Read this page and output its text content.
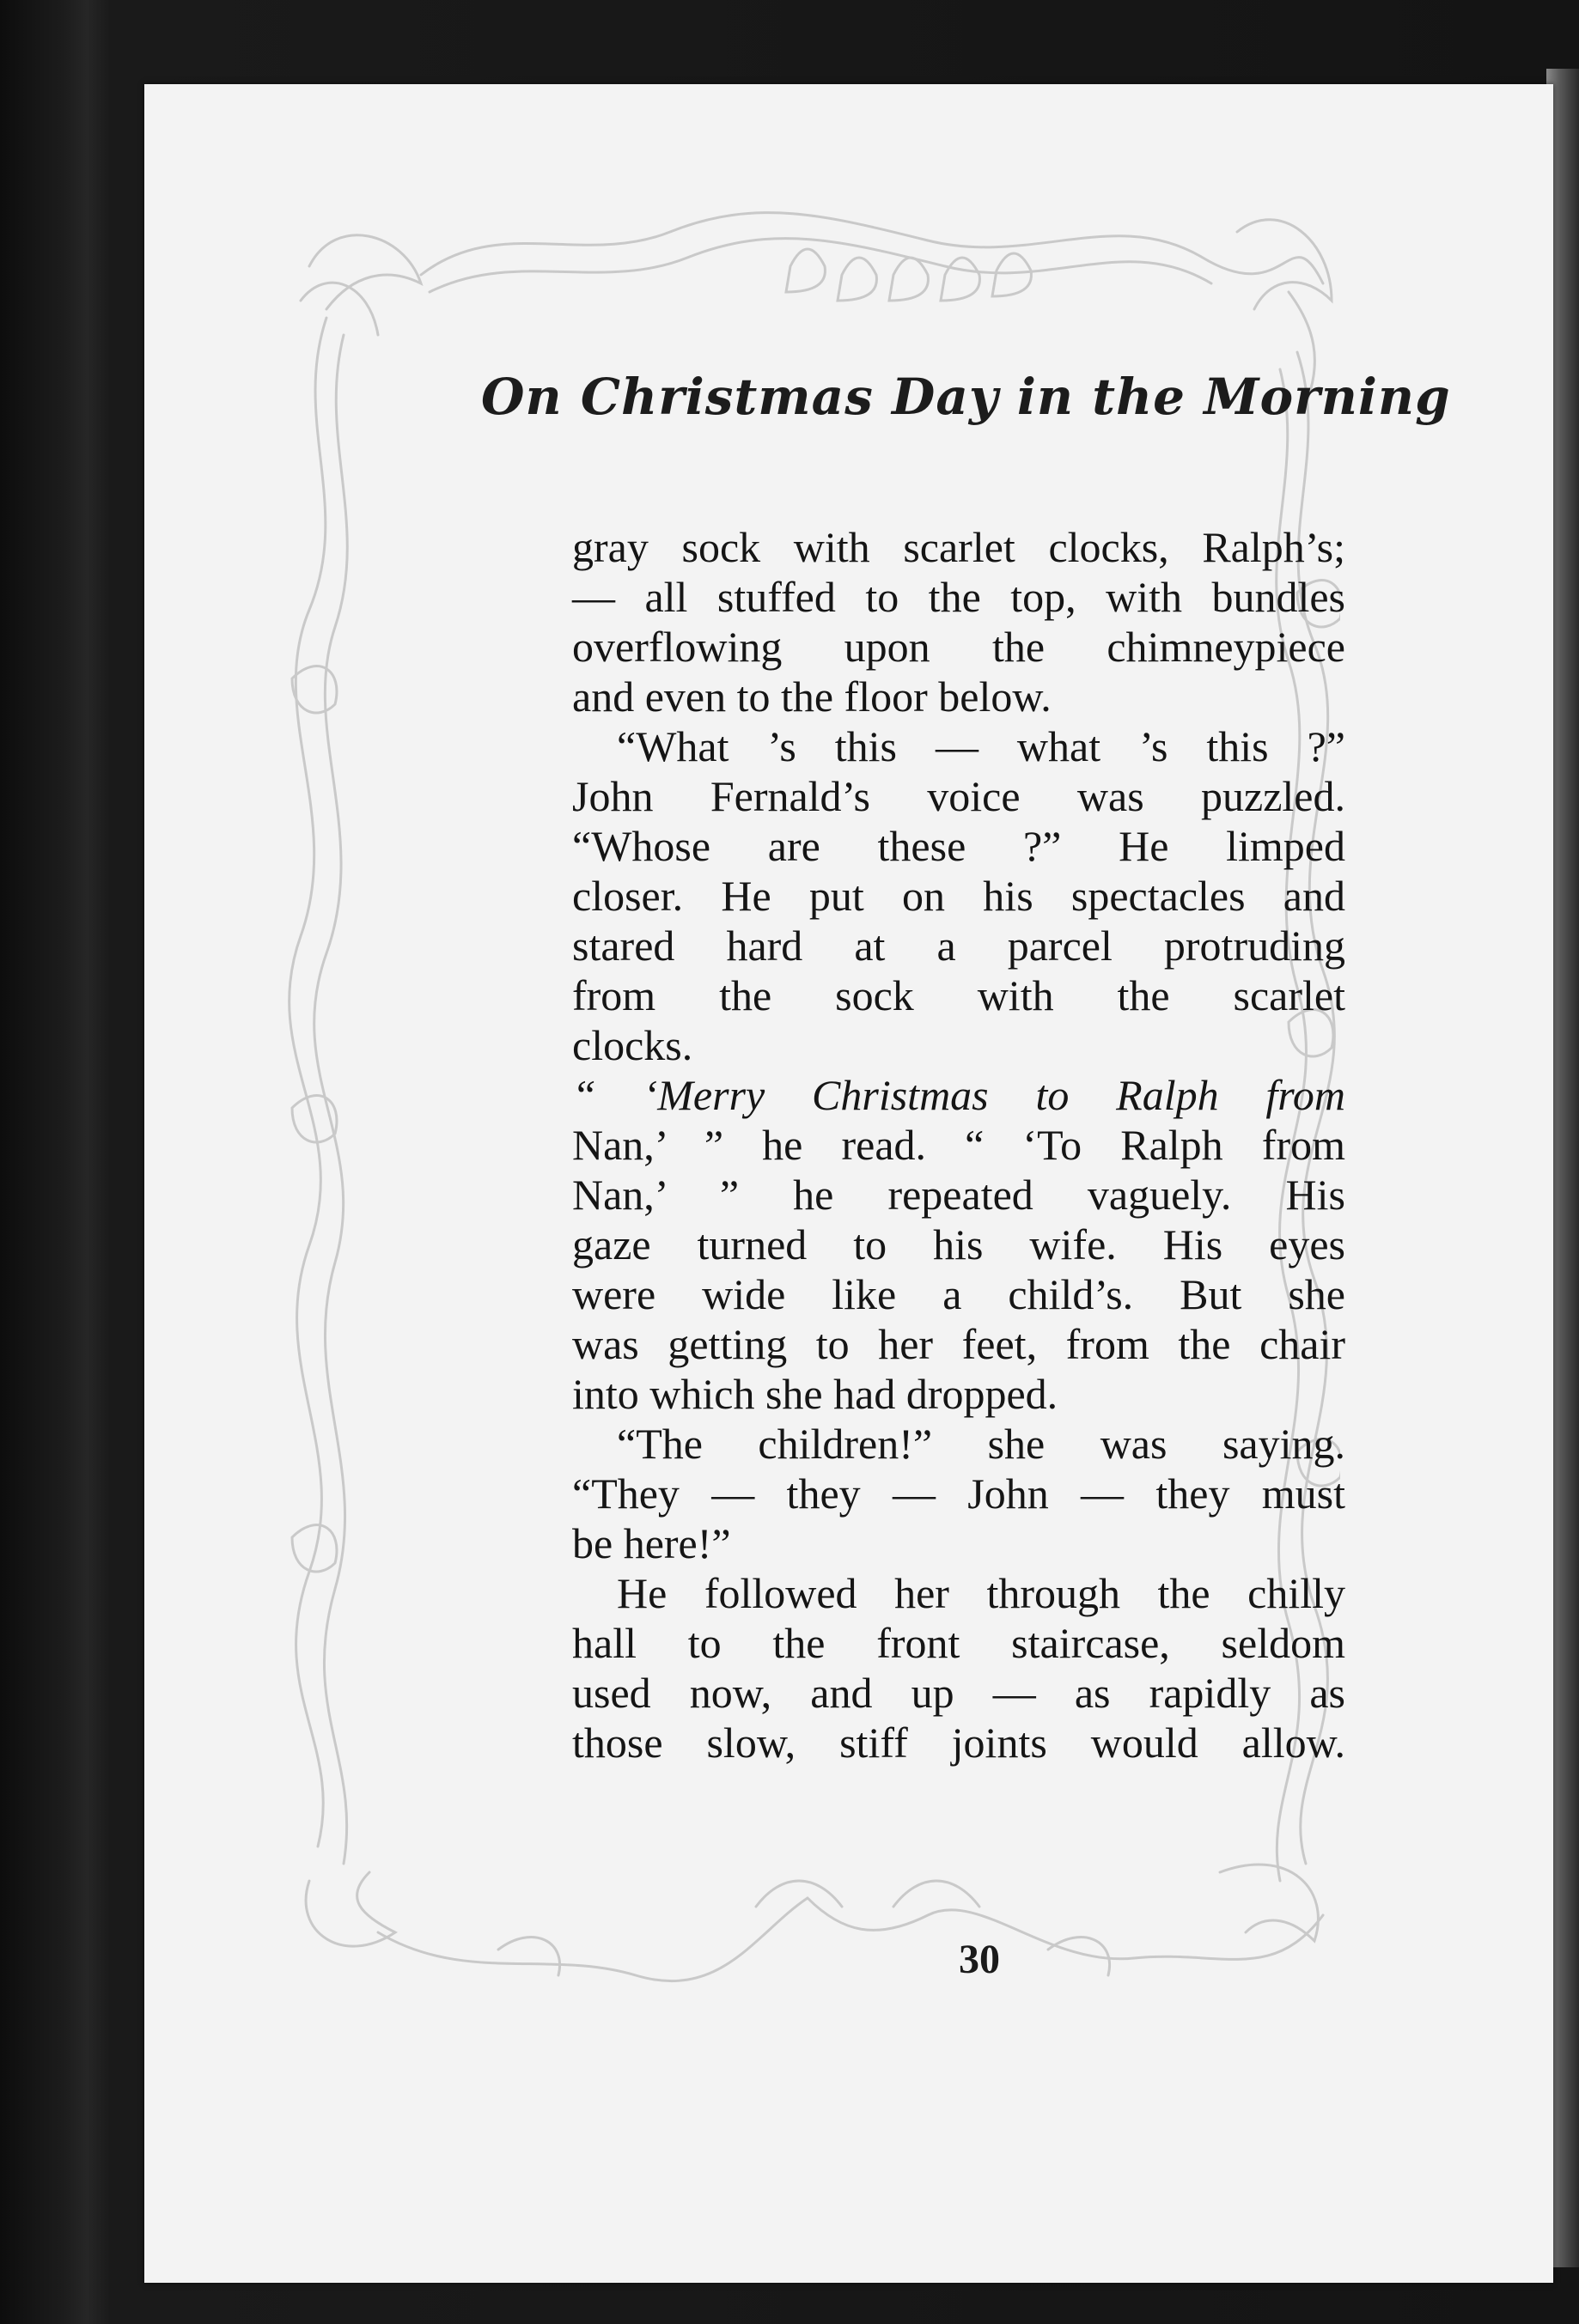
On Christmas Day in the Morning
gray sock with scarlet clocks, Ralph’s;
— all stuffed to the top, with bundles
overflowing upon the chimneypiece
and even to the floor below.
“What ’s this — what ’s this ?”
John Fernald’s voice was puzzled.
“Whose are these ?” He limped
closer. He put on his spectacles and
stared hard at a parcel protruding
from the sock with the scarlet
clocks.
“ ‘Merry Christmas to Ralph from
Nan,’ ” he read. “ ‘To Ralph from
Nan,’ ” he repeated vaguely. His
gaze turned to his wife. His eyes
were wide like a child’s. But she
was getting to her feet, from the chair
into which she had dropped.
“The children!” she was saying.
“They — they — John — they must
be here!”
He followed her through the chilly
hall to the front staircase, seldom
used now, and up — as rapidly as
those slow, stiff joints would allow.
30
